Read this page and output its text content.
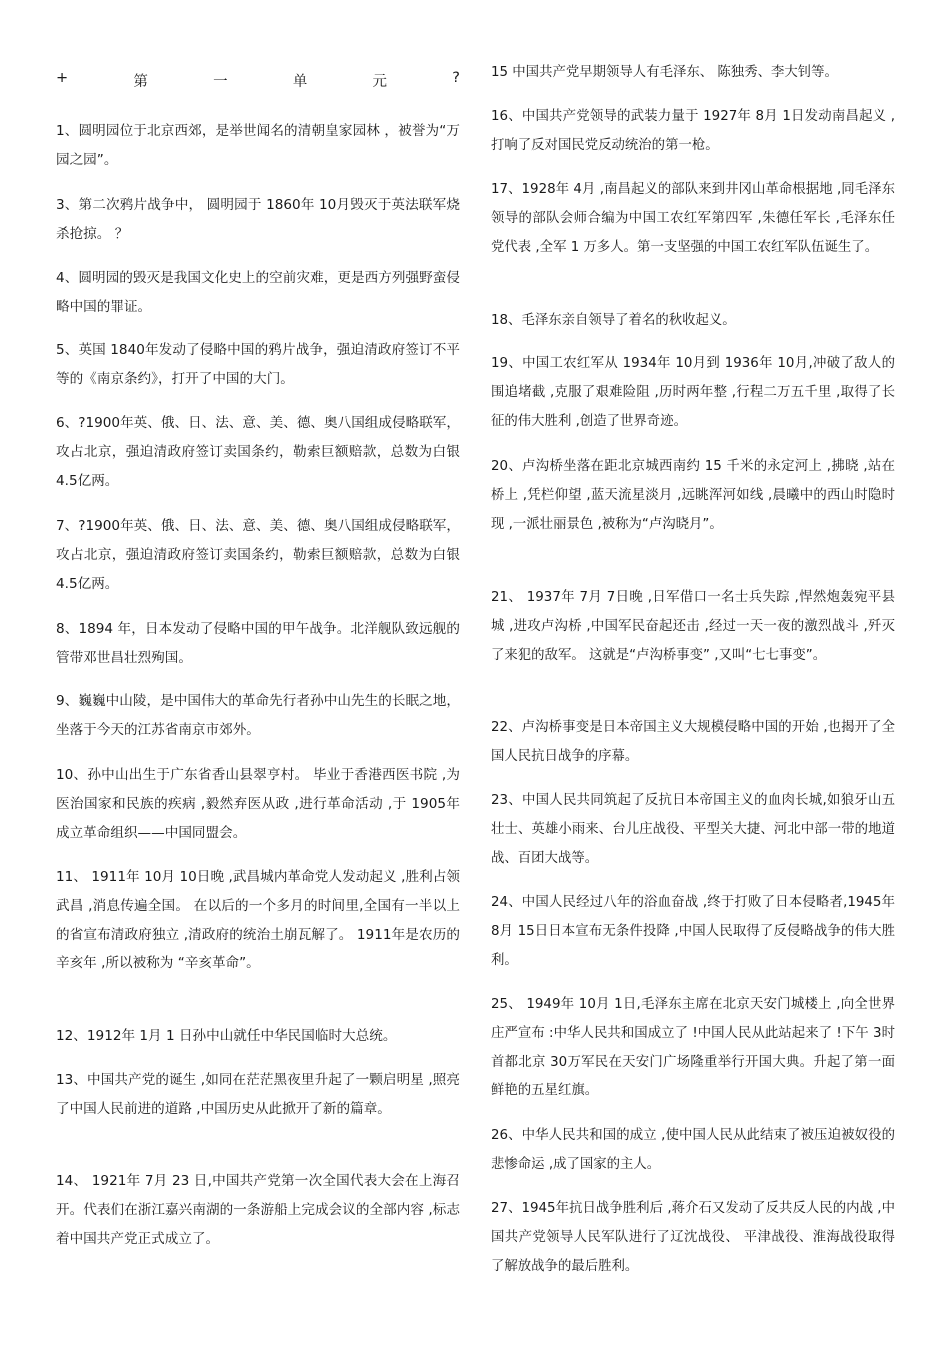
+	第	一	单	元	?

1、圆明园位于北京西郊，是举世闻名的清朝皇家园林 ，被誉为“万园之园”。

3、第二次鸦片战争中， 圆明园于 1860年 10月毁灭于英法联军烧杀抢掠。 ？

4、圆明园的毁灭是我国文化史上的空前灾难，更是西方列强野蛮侵略中国的罪证。

5、英国 1840年发动了侵略中国的鸦片战争，强迫清政府签订不平等的《南京条约》，打开了中国的大门。

6、?1900年英、俄、日、法、意、美、德、奥八国组成侵略联军，攻占北京，强迫清政府签订卖国条约，勒索巨额赔款，总数为白银 4.5亿两。

7、?1900年英、俄、日、法、意、美、德、奥八国组成侵略联军，攻占北京，强迫清政府签订卖国条约，勒索巨额赔款，总数为白银 4.5亿两。

8、1894 年，日本发动了侵略中国的甲午战争。北洋舰队致远舰的管带邓世昌壮烈殉国。

9、巍巍中山陵，是中国伟大的革命先行者孙中山先生的长眠之地，坐落于今天的江苏省南京市郊外。

10、孙中山出生于广东省香山县翠亨村。 毕业于香港西医书院 ,为医治国家和民族的疾病 ,毅然弃医从政 ,进行革命活动 ,于 1905年成立革命组织——中国同盟会。

11、 1911年 10月 10日晚 ,武昌城内革命党人发动起义 ,胜利占领武昌 ,消息传遍全国。 在以后的一个多月的时间里,全国有一半以上的省宣布清政府独立 ,清政府的统治土崩瓦解了。 1911年是农历的辛亥年 ,所以被称为 “辛亥革命”。

12、1912年 1月 1 日孙中山就任中华民国临时大总统。

13、中国共产党的诞生 ,如同在茫茫黑夜里升起了一颗启明星 ,照亮了中国人民前进的道路 ,中国历史从此掀开了新的篇章。

14、 1921年 7月 23 日,中国共产党第一次全国代表大会在上海召开。代表们在浙江嘉兴南湖的一条游船上完成会议的全部内容 ,标志着中国共产党正式成立了。

15 中国共产党早期领导人有毛泽东、 陈独秀、李大钊等。

16、中国共产党领导的武装力量于 1927年 8月 1日发动南昌起义 ,打响了反对国民党反动统治的第一枪。

17、1928年 4月 ,南昌起义的部队来到井冈山革命根据地 ,同毛泽东领导的部队会师合编为中国工农红军第四军 ,朱德任军长 ,毛泽东任党代表 ,全军 1 万多人。第一支坚强的中国工农红军队伍诞生了。

18、毛泽东亲自领导了着名的秋收起义。

19、中国工农红军从 1934年 10月到 1936年 10月,冲破了敌人的围追堵截 ,克服了艰难险阻 ,历时两年整 ,行程二万五千里 ,取得了长征的伟大胜利 ,创造了世界奇迹。

20、卢沟桥坐落在距北京城西南约 15 千米的永定河上 ,拂晓 ,站在桥上 ,凭栏仰望 ,蓝天流星淡月 ,远眺浑河如线 ,晨曦中的西山时隐时现 ,一派壮丽景色 ,被称为“卢沟晓月”。

21、 1937年 7月 7日晚 ,日军借口一名士兵失踪 ,悍然炮轰宛平县城 ,进攻卢沟桥 ,中国军民奋起还击 ,经过一天一夜的激烈战斗 ,歼灭了来犯的敌军。 这就是“卢沟桥事变” ,又叫“七七事变”。

22、卢沟桥事变是日本帝国主义大规模侵略中国的开始 ,也揭开了全国人民抗日战争的序幕。

23、中国人民共同筑起了反抗日本帝国主义的血肉长城,如狼牙山五壮士、英雄小雨来、台儿庄战役、平型关大捷、河北中部一带的地道战、百团大战等。

24、中国人民经过八年的浴血奋战 ,终于打败了日本侵略者,1945年 8月 15日日本宣布无条件投降 ,中国人民取得了反侵略战争的伟大胜利。

25、 1949年 10月 1日,毛泽东主席在北京天安门城楼上 ,向全世界庄严宣布 :中华人民共和国成立了 !中国人民从此站起来了 !下午 3时首都北京 30万军民在天安门广场隆重举行开国大典。升起了第一面鲜艳的五星红旗。

26、中华人民共和国的成立 ,使中国人民从此结束了被压迫被奴役的悲惨命运 ,成了国家的主人。

27、1945年抗日战争胜利后 ,蒋介石又发动了反共反人民的内战 ,中国共产党领导人民军队进行了辽沈战役、 平津战役、淮海战役取得了解放战争的最后胜利。
